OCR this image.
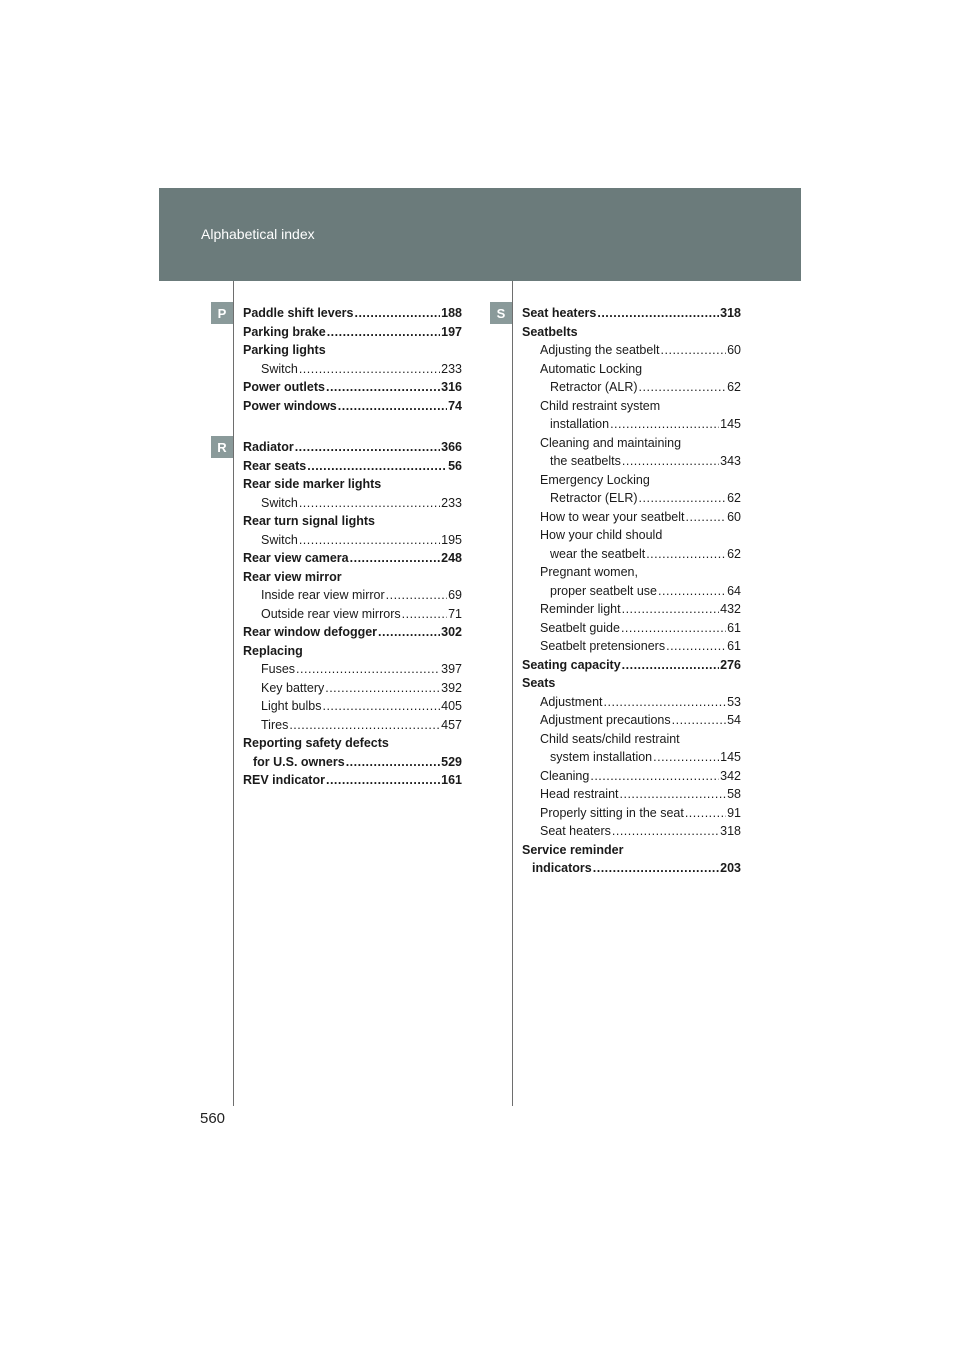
Alphabetical index
P
R
S
Paddle shift levers .....	188
Parking brake .....	197
Parking lights
Switch .....	233
Power outlets .....	316
Power windows .....	74
Radiator .....	366
Rear seats .....	56
Rear side marker lights
Switch .....	233
Rear turn signal lights
Switch .....	195
Rear view camera .....	248
Rear view mirror
Inside rear view mirror .....	69
Outside rear view mirrors .....	71
Rear window defogger .....	302
Replacing
Fuses .....	397
Key battery .....	392
Light bulbs .....	405
Tires .....	457
Reporting safety defects
for U.S. owners .....	529
REV indicator .....	161
Seat heaters .....	318
Seatbelts
Adjusting the seatbelt .....	60
Automatic Locking
Retractor (ALR) .....	62
Child restraint system
installation .....	145
Cleaning and maintaining
the seatbelts .....	343
Emergency Locking
Retractor (ELR) .....	62
How to wear your seatbelt .....	60
How your child should
wear the seatbelt .....	62
Pregnant women,
proper seatbelt use .....	64
Reminder light .....	432
Seatbelt guide .....	61
Seatbelt pretensioners .....	61
Seating capacity .....	276
Seats
Adjustment .....	53
Adjustment precautions .....	54
Child seats/child restraint
system installation .....	145
Cleaning .....	342
Head restraint .....	58
Properly sitting in the seat .....	91
Seat heaters .....	318
Service reminder
indicators .....	203
560
